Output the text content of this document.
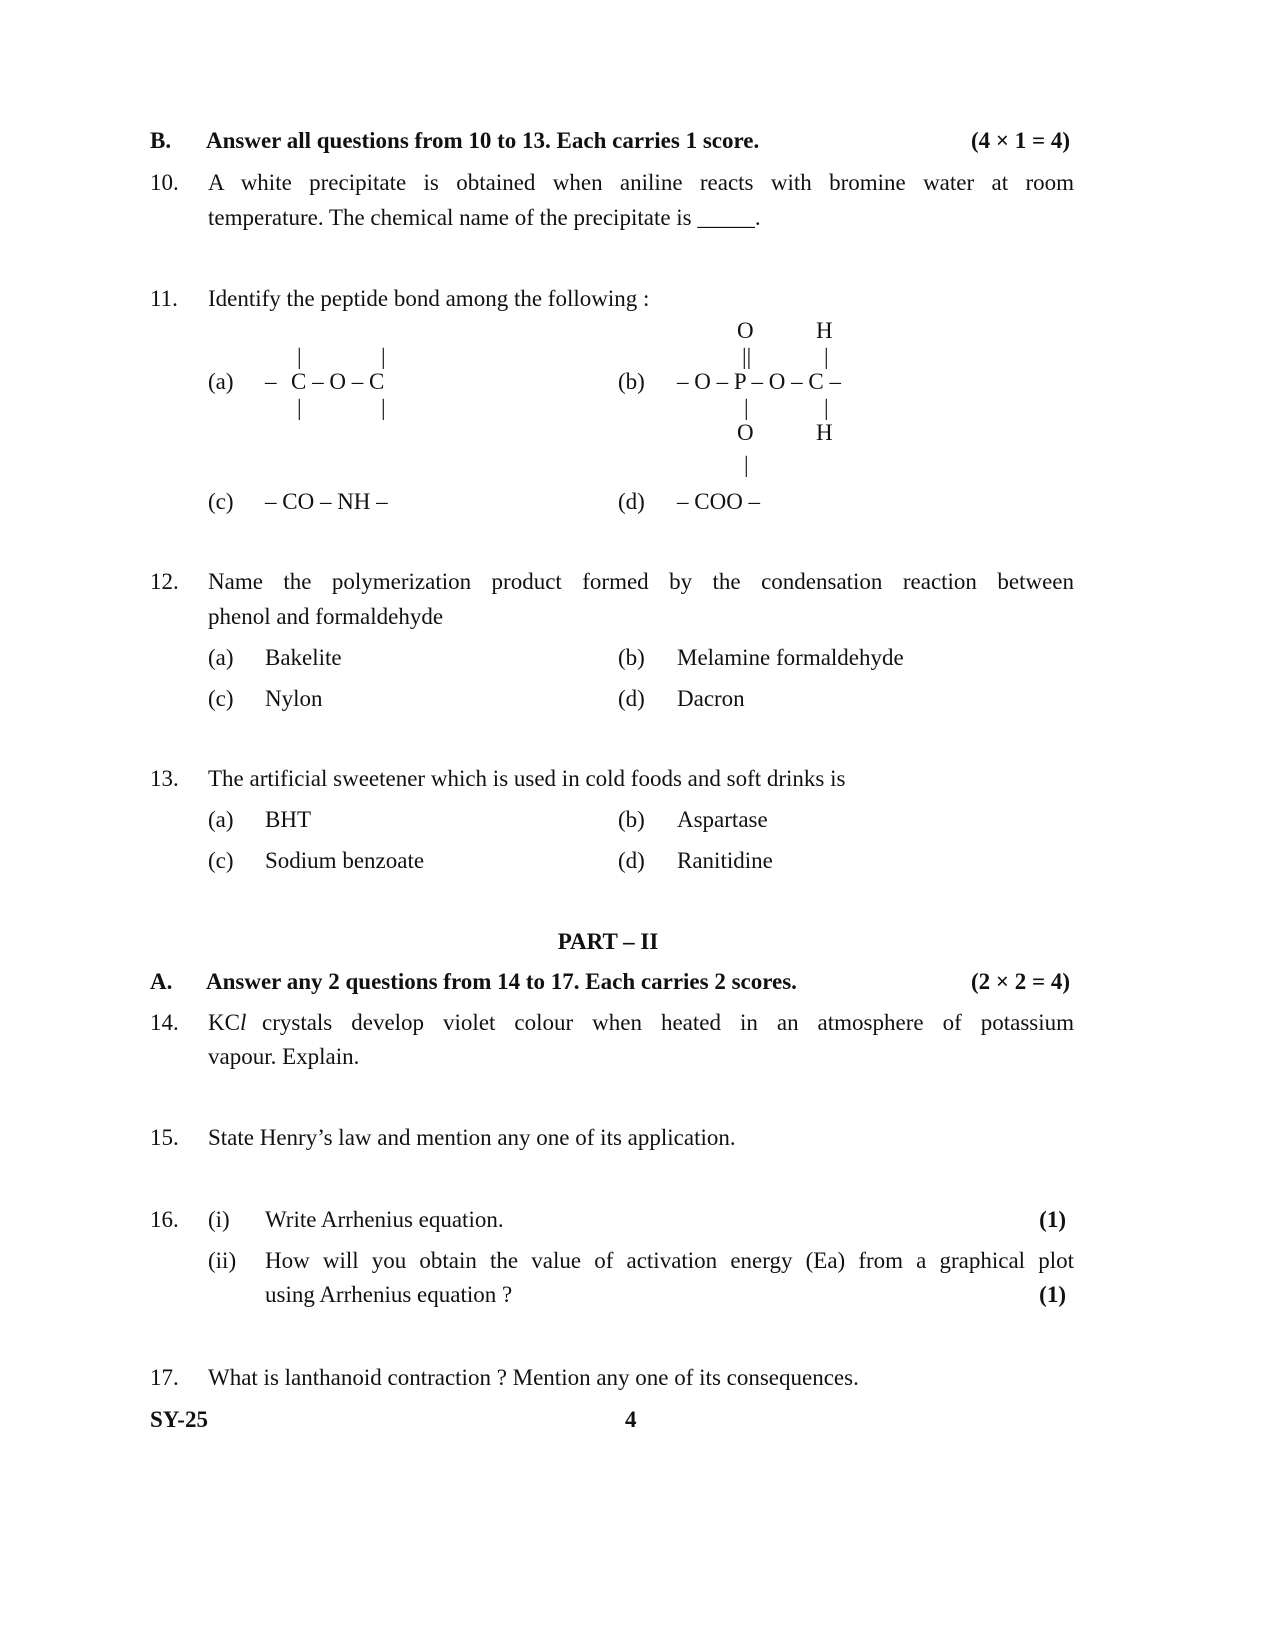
B. Answer all questions from 10 to 13. Each carries 1 score.	(4 × 1 = 4)
10. A white precipitate is obtained when aniline reacts with bromine water at room
temperature. The chemical name of the precipitate is _____.
11. Identify the peptide bond among the following :
(a) – C – O – C
|	|
|	|
(b) – O – P – O – C –
O	H
||	|
|	|
O	H
|
(c) – CO – NH –	(d) – COO –
12. Name the polymerization product formed by the condensation reaction between
phenol and formaldehyde
(a) Bakelite	(b) Melamine formaldehyde
(c) Nylon	(d) Dacron
13. The artificial sweetener which is used in cold foods and soft drinks is
(a) BHT	(b) Aspartase
(c) Sodium benzoate	(d) Ranitidine
PART – II
A. Answer any 2 questions from 14 to 17. Each carries 2 scores.	(2 × 2 = 4)
14. KCl crystals develop violet colour when heated in an atmosphere of potassium
vapour. Explain.
15. State Henry’s law and mention any one of its application.
16. (i) Write Arrhenius equation.	(1)
(ii) How will you obtain the value of activation energy (Ea) from a graphical plot
using Arrhenius equation ?	(1)
17. What is lanthanoid contraction ? Mention any one of its consequences.
SY-25	4
